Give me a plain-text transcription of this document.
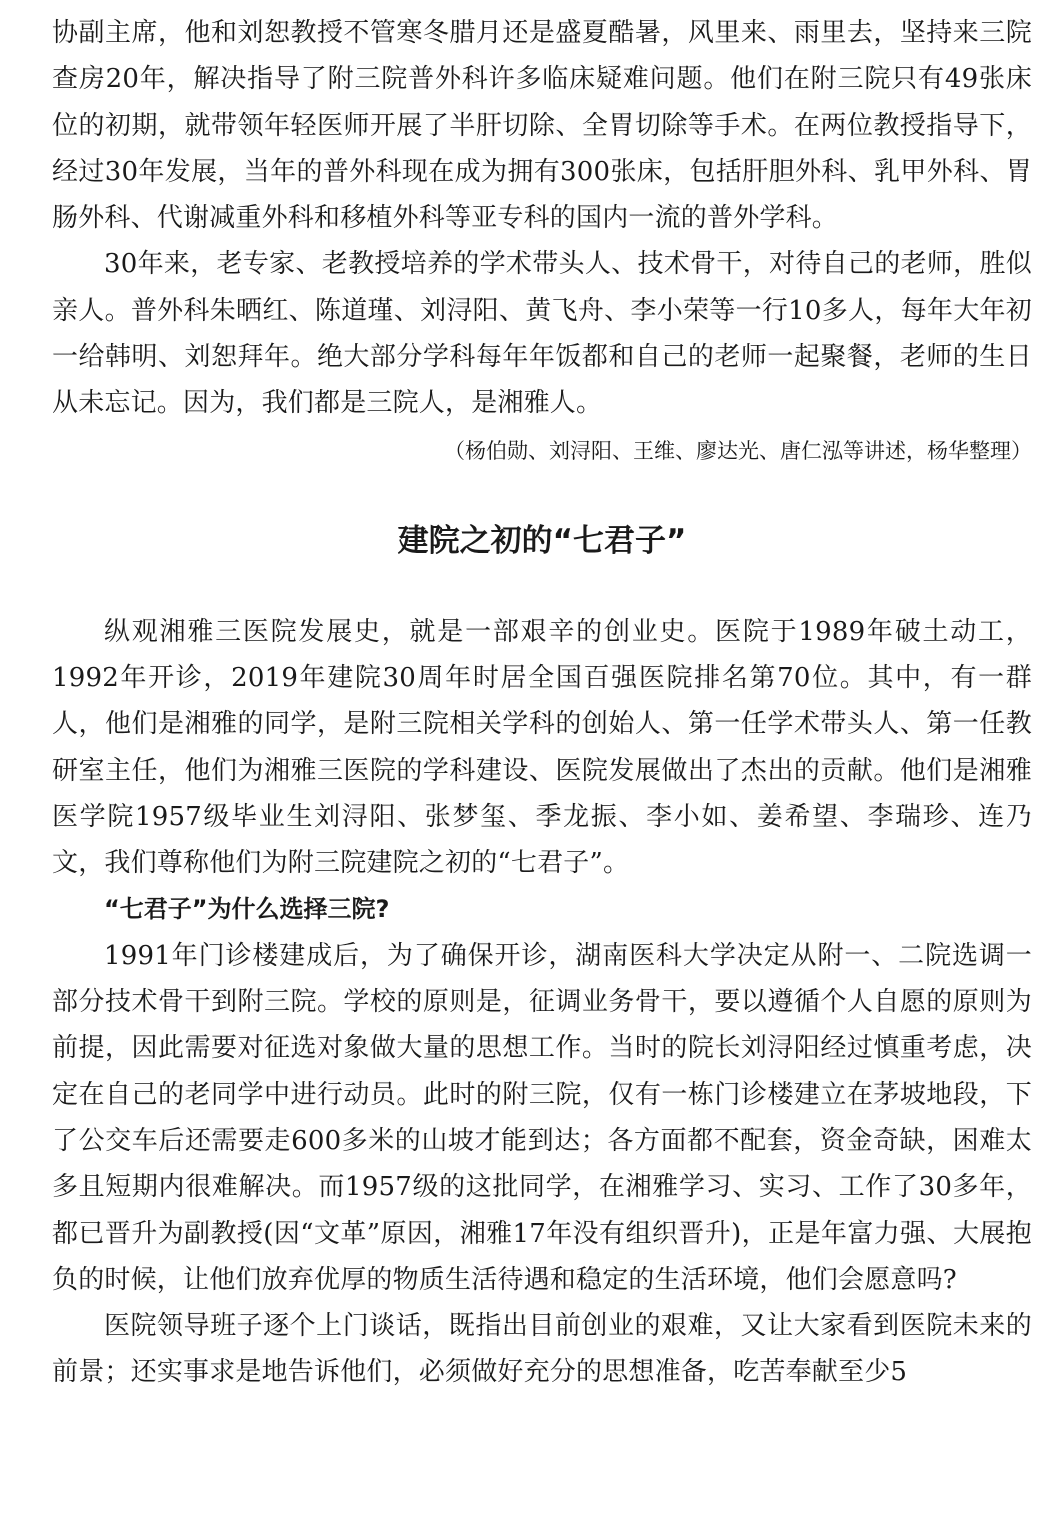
协副主席，他和刘恕教授不管寒冬腊月还是盛夏酷暑，风里来、雨里去，坚持来三院查房20年，解决指导了附三院普外科许多临床疑难问题。他们在附三院只有49张床位的初期，就带领年轻医师开展了半肝切除、全胃切除等手术。在两位教授指导下，经过30年发展，当年的普外科现在成为拥有300张床，包括肝胆外科、乳甲外科、胃肠外科、代谢减重外科和移植外科等亚专科的国内一流的普外学科。

30年来，老专家、老教授培养的学术带头人、技术骨干，对待自己的老师，胜似亲人。普外科朱晒红、陈道瑾、刘浔阳、黄飞舟、李小荣等一行10多人，每年大年初一给韩明、刘恕拜年。绝大部分学科每年年饭都和自己的老师一起聚餐，老师的生日从未忘记。因为，我们都是三院人，是湘雅人。

（杨伯勋、刘浔阳、王维、廖达光、唐仁泓等讲述，杨华整理）
建院之初的“七君子”

纵观湘雅三医院发展史，就是一部艰辛的创业史。医院于1989年破土动工，1992年开诊，2019年建院30周年时居全国百强医院排名第70位。其中，有一群人，他们是湘雅的同学，是附三院相关学科的创始人、第一任学术带头人、第一任教研室主任，他们为湘雅三医院的学科建设、医院发展做出了杰出的贡献。他们是湘雅医学院1957级毕业生刘浔阳、张梦玺、季龙振、李小如、姜希望、李瑞珍、连乃文，我们尊称他们为附三院建院之初的“七君子”。

“七君子”为什么选择三院?

1991年门诊楼建成后，为了确保开诊，湖南医科大学决定从附一、二院选调一部分技术骨干到附三院。学校的原则是，征调业务骨干，要以遵循个人自愿的原则为前提，因此需要对征选对象做大量的思想工作。当时的院长刘浔阳经过慎重考虑，决定在自己的老同学中进行动员。此时的附三院，仅有一栋门诊楼建立在茅坡地段，下了公交车后还需要走600多米的山坡才能到达；各方面都不配套，资金奇缺，困难太多且短期内很难解决。而1957级的这批同学，在湘雅学习、实习、工作了30多年，都已晋升为副教授(因“文革”原因，湘雅17年没有组织晋升)，正是年富力强、大展抱负的时候，让他们放弃优厚的物质生活待遇和稳定的生活环境，他们会愿意吗?

医院领导班子逐个上门谈话，既指出目前创业的艰难，又让大家看到医院未来的前景；还实事求是地告诉他们，必须做好充分的思想准备，吃苦奉献至少5
